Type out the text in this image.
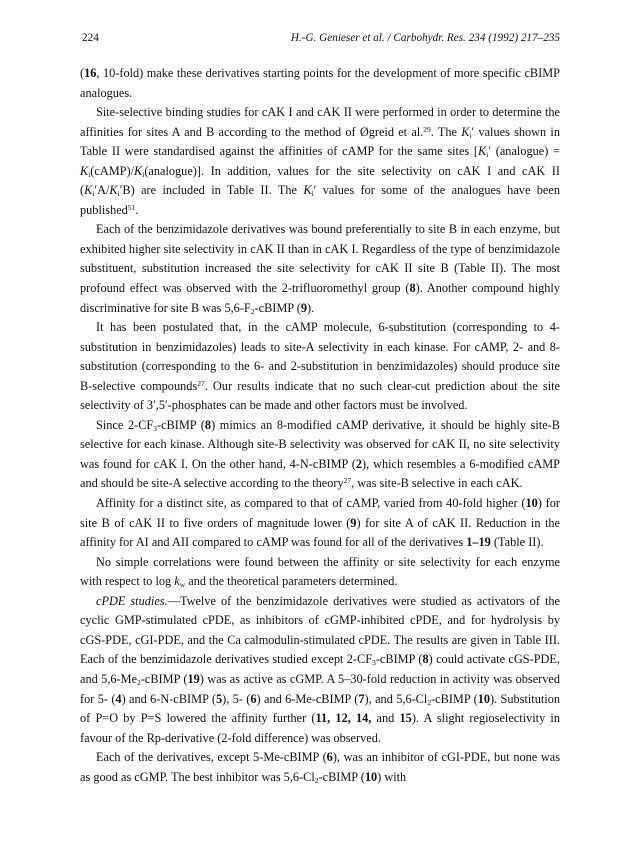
224	H.-G. Genieser et al. / Carbohydr. Res. 234 (1992) 217–235

(16, 10-fold) make these derivatives starting points for the development of more specific cBIMP analogues.

Site-selective binding studies for cAK I and cAK II were performed in order to determine the affinities for sites A and B according to the method of Øgreid et al.$^{29}$. The $K_i'$ values shown in Table II were standardised against the affinities of cAMP for the same sites [$K_i'$ (analogue) = $K_i(cAMP)/K_i(analogue)$]. In addition, values for the site selectivity on cAK I and cAK II $(K_i'A/K_i'B)$ are included in Table II. The $K_i'$ values for some of the analogues have been published$^{51}$.

Each of the benzimidazole derivatives was bound preferentially to site B in each enzyme, but exhibited higher site selectivity in cAK II than in cAK I. Regardless of the type of benzimidazole substituent, substitution increased the site selectivity for cAK II site B (Table II). The most profound effect was observed with the 2-trifluoromethyl group (8). Another compound highly discriminative for site B was $5,6-F_2$-cBIMP (9).

It has been postulated that, in the cAMP molecule, 6-substitution (corresponding to 4-substitution in benzimidazoles) leads to site-A selectivity in each kinase. For cAMP, 2- and 8-substitution (corresponding to the 6- and 2-substitution in benzimidazoles) should produce site B-selective compounds$^{27}$. Our results indicate that no such clear-cut prediction about the site selectivity of 3′,5′-phosphates can be made and other factors must be involved.

Since $2-CF_3$-cBIMP (8) mimics an 8-modified cAMP derivative, it should be highly site-B selective for each kinase. Although site-B selectivity was observed for cAK II, no site selectivity was found for cAK I. On the other hand, 4-N-cBIMP (2), which resembles a 6-modified cAMP and should be site-A selective according to the theory$^{27}$, was site-B selective in each cAK.

Affinity for a distinct site, as compared to that of cAMP, varied from 40-fold higher (10) for site B of cAK II to five orders of magnitude lower (9) for site A of cAK II. Reduction in the affinity for AI and AII compared to cAMP was found for all of the derivatives 1–19 (Table II).

No simple correlations were found between the affinity or site selectivity for each enzyme with respect to $\log k_w$ and the theoretical parameters determined.

cPDE studies.—Twelve of the benzimidazole derivatives were studied as activators of the cyclic GMP-stimulated cPDE, as inhibitors of cGMP-inhibited cPDE, and for hydrolysis by cGS-PDE, cGI-PDE, and the Ca calmodulin-stimulated cPDE. The results are given in Table III. Each of the benzimidazole derivatives studied except $2-CF_3$-cBIMP (8) could activate cGS-PDE, and $5,6-Me_2$-cBIMP (19) was as active as cGMP. A 5–30-fold reduction in activity was observed for 5- (4) and 6-N-cBIMP (5), 5- (6) and 6-Me-cBIMP (7), and $5,6-Cl_2$-cBIMP (10). Substitution of P=O by P=S lowered the affinity further (11, 12, 14, and 15). A slight regioselectivity in favour of the Rp-derivative (2-fold difference) was observed.

Each of the derivatives, except 5-Me-cBIMP (6), was an inhibitor of cGI-PDE, but none was as good as cGMP. The best inhibitor was $5,6-Cl_2$-cBIMP (10) with
